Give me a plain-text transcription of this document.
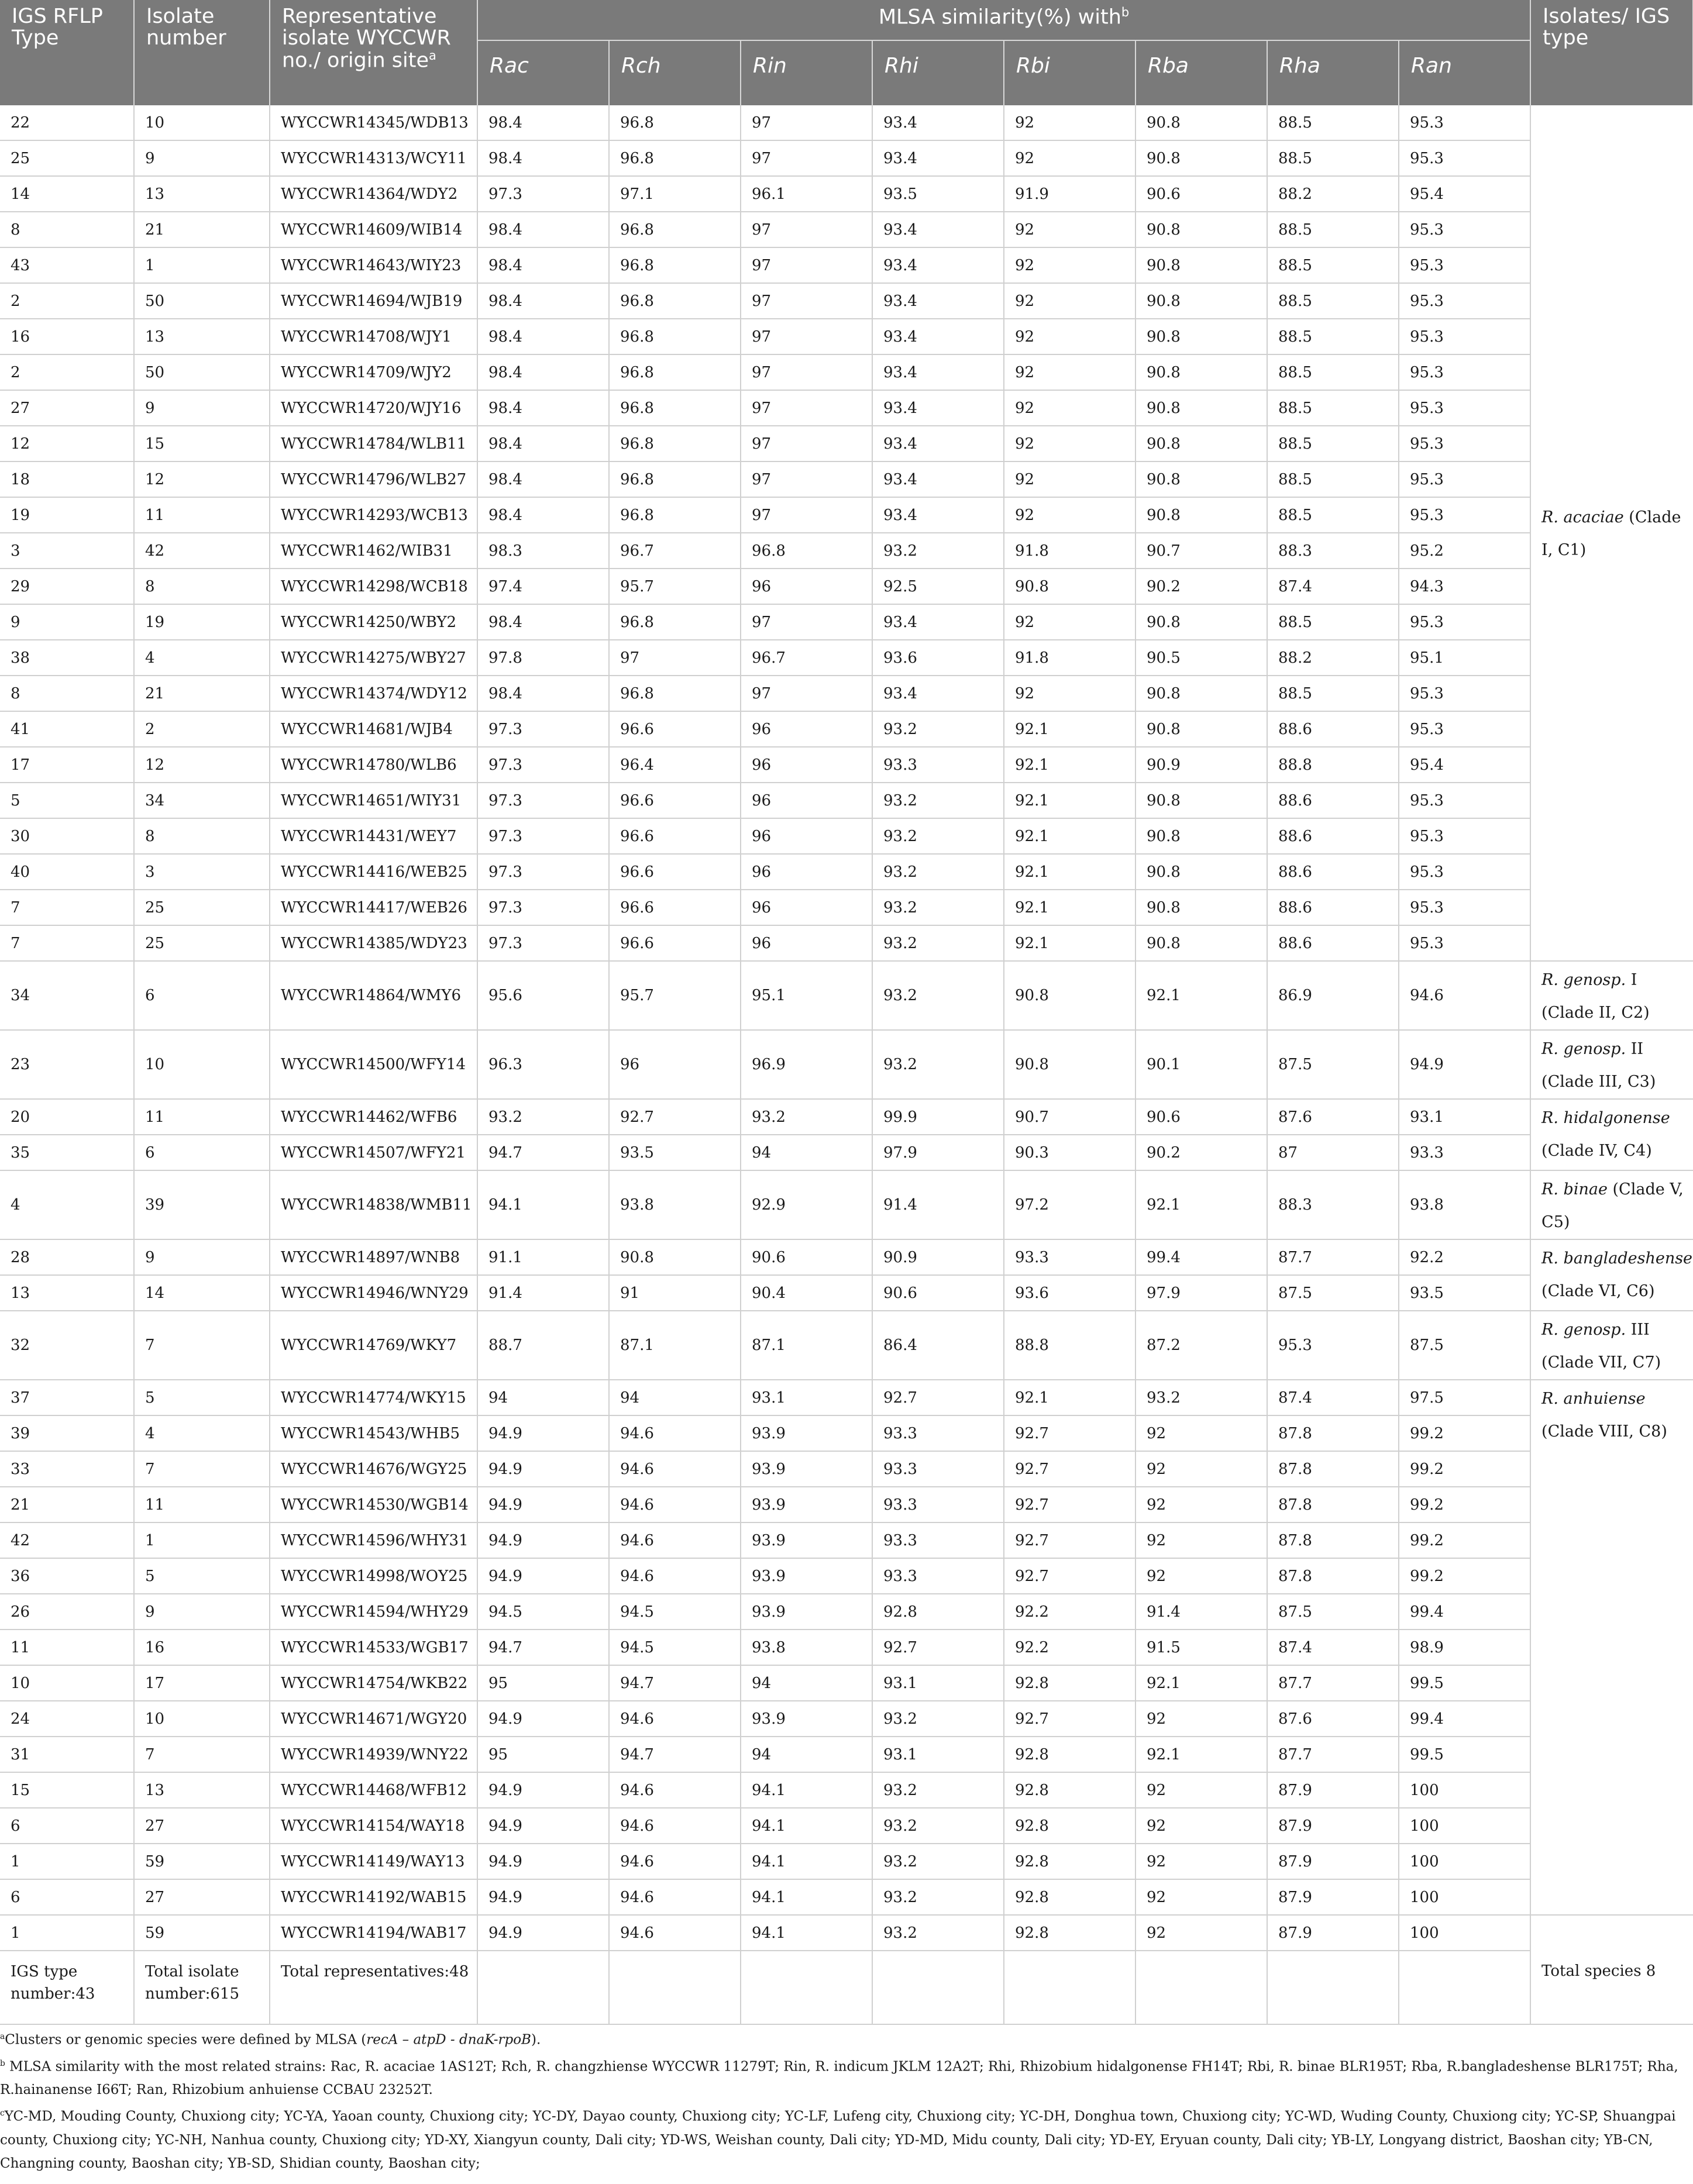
IGS RFLP Type	Isolate number	Representative isolate WYCCWR no./ origin site$^a$	MLSA similarity(%) with$^b$								Isolates/ IGS type
			Rac	Rch	Rin	Rhi	Rbi	Rba	Rha	Ran	
22	10	WYCCWR14345/WDB13	98.4	96.8	97	93.4	92	90.8	88.5	95.3	R. acaciae (Clade I, C1)
25	9	WYCCWR14313/WCY11	98.4	96.8	97	93.4	92	90.8	88.5	95.3	
14	13	WYCCWR14364/WDY2	97.3	97.1	96.1	93.5	91.9	90.6	88.2	95.4	
8	21	WYCCWR14609/WIB14	98.4	96.8	97	93.4	92	90.8	88.5	95.3	
43	1	WYCCWR14643/WIY23	98.4	96.8	97	93.4	92	90.8	88.5	95.3	
2	50	WYCCWR14694/WJB19	98.4	96.8	97	93.4	92	90.8	88.5	95.3	
16	13	WYCCWR14708/WJY1	98.4	96.8	97	93.4	92	90.8	88.5	95.3	
2	50	WYCCWR14709/WJY2	98.4	96.8	97	93.4	92	90.8	88.5	95.3	
27	9	WYCCWR14720/WJY16	98.4	96.8	97	93.4	92	90.8	88.5	95.3	
12	15	WYCCWR14784/WLB11	98.4	96.8	97	93.4	92	90.8	88.5	95.3	
18	12	WYCCWR14796/WLB27	98.4	96.8	97	93.4	92	90.8	88.5	95.3	
19	11	WYCCWR14293/WCB13	98.4	96.8	97	93.4	92	90.8	88.5	95.3	
3	42	WYCCWR1462/WIB31	98.3	96.7	96.8	93.2	91.8	90.7	88.3	95.2	
29	8	WYCCWR14298/WCB18	97.4	95.7	96	92.5	90.8	90.2	87.4	94.3	
9	19	WYCCWR14250/WBY2	98.4	96.8	97	93.4	92	90.8	88.5	95.3	
38	4	WYCCWR14275/WBY27	97.8	97	96.7	93.6	91.8	90.5	88.2	95.1	
8	21	WYCCWR14374/WDY12	98.4	96.8	97	93.4	92	90.8	88.5	95.3	
41	2	WYCCWR14681/WJB4	97.3	96.6	96	93.2	92.1	90.8	88.6	95.3	
17	12	WYCCWR14780/WLB6	97.3	96.4	96	93.3	92.1	90.9	88.8	95.4	
5	34	WYCCWR14651/WIY31	97.3	96.6	96	93.2	92.1	90.8	88.6	95.3	
30	8	WYCCWR14431/WEY7	97.3	96.6	96	93.2	92.1	90.8	88.6	95.3	
40	3	WYCCWR14416/WEB25	97.3	96.6	96	93.2	92.1	90.8	88.6	95.3	
7	25	WYCCWR14417/WEB26	97.3	96.6	96	93.2	92.1	90.8	88.6	95.3	
7	25	WYCCWR14385/WDY23	97.3	96.6	96	93.2	92.1	90.8	88.6	95.3	
34	6	WYCCWR14864/WMY6	95.6	95.7	95.1	93.2	90.8	92.1	86.9	94.6	R. genosp. I
(Clade II, C2)
23	10	WYCCWR14500/WFY14	96.3	96	96.9	93.2	90.8	90.1	87.5	94.9	R. genosp. II
(Clade III, C3)
20	11	WYCCWR14462/WFB6	93.2	92.7	93.2	99.9	90.7	90.6	87.6	93.1	R. hidalgonense
(Clade IV, C4)
35	6	WYCCWR14507/WFY21	94.7	93.5	94	97.9	90.3	90.2	87	93.3	
4	39	WYCCWR14838/WMB11	94.1	93.8	92.9	91.4	97.2	92.1	88.3	93.8	R. binae (Clade V, C5)
28	9	WYCCWR14897/WNB8	91.1	90.8	90.6	90.9	93.3	99.4	87.7	92.2	R. bangladeshense
(Clade VI, C6)
13	14	WYCCWR14946/WNY29	91.4	91	90.4	90.6	93.6	97.9	87.5	93.5	
32	7	WYCCWR14769/WKY7	88.7	87.1	87.1	86.4	88.8	87.2	95.3	87.5	R. genosp. III
(Clade VII, C7)
37	5	WYCCWR14774/WKY15	94	94	93.1	92.7	92.1	93.2	87.4	97.5	R. anhuiense (Clade VIII, C8)
39	4	WYCCWR14543/WHB5	94.9	94.6	93.9	93.3	92.7	92	87.8	99.2	
33	7	WYCCWR14676/WGY25	94.9	94.6	93.9	93.3	92.7	92	87.8	99.2	
21	11	WYCCWR14530/WGB14	94.9	94.6	93.9	93.3	92.7	92	87.8	99.2	
42	1	WYCCWR14596/WHY31	94.9	94.6	93.9	93.3	92.7	92	87.8	99.2	
36	5	WYCCWR14998/WOY25	94.9	94.6	93.9	93.3	92.7	92	87.8	99.2	
26	9	WYCCWR14594/WHY29	94.5	94.5	93.9	92.8	92.2	91.4	87.5	99.4	
11	16	WYCCWR14533/WGB17	94.7	94.5	93.8	92.7	92.2	91.5	87.4	98.9	
10	17	WYCCWR14754/WKB22	95	94.7	94	93.1	92.8	92.1	87.7	99.5	
24	10	WYCCWR14671/WGY20	94.9	94.6	93.9	93.2	92.7	92	87.6	99.4	
31	7	WYCCWR14939/WNY22	95	94.7	94	93.1	92.8	92.1	87.7	99.5	
15	13	WYCCWR14468/WFB12	94.9	94.6	94.1	93.2	92.8	92	87.9	100	
6	27	WYCCWR14154/WAY18	94.9	94.6	94.1	93.2	92.8	92	87.9	100	
1	59	WYCCWR14149/WAY13	94.9	94.6	94.1	93.2	92.8	92	87.9	100	
6	27	WYCCWR14192/WAB15	94.9	94.6	94.1	93.2	92.8	92	87.9	100	
1	59	WYCCWR14194/WAB17	94.9	94.6	94.1	93.2	92.8	92	87.9	100	
IGS type number:43	Total isolate number:615	Total representatives:48									Total species 8
$^a$Clusters or genomic species were defined by MLSA (recA – atpD - dnaK-rpoB).
$^b$ MLSA similarity with the most related strains: Rac, R. acaciae 1AS12T; Rch, R. changzhiense WYCCWR 11279T; Rin, R. indicum JKLM 12A2T; Rhi, Rhizobium hidalgonense FH14T; Rbi, R. binae BLR195T; Rba, R.bangladeshense BLR175T; Rha, R.hainanense I66T; Ran, Rhizobium anhuiense CCBAU 23252T.
$^c$YC-MD, Mouding County, Chuxiong city; YC-YA, Yaoan county, Chuxiong city; YC-DY, Dayao county, Chuxiong city; YC-LF, Lufeng city, Chuxiong city; YC-DH, Donghua town, Chuxiong city; YC-WD, Wuding County, Chuxiong city; YC-SP, Shuangpai county, Chuxiong city; YC-NH, Nanhua county, Chuxiong city; YD-XY, Xiangyun county, Dali city; YD-WS, Weishan county, Dali city; YD-MD, Midu county, Dali city; YD-EY, Eryuan county, Dali city; YB-LY, Longyang district, Baoshan city; YB-CN, Changning county, Baoshan city; YB-SD, Shidian county, Baoshan city;
